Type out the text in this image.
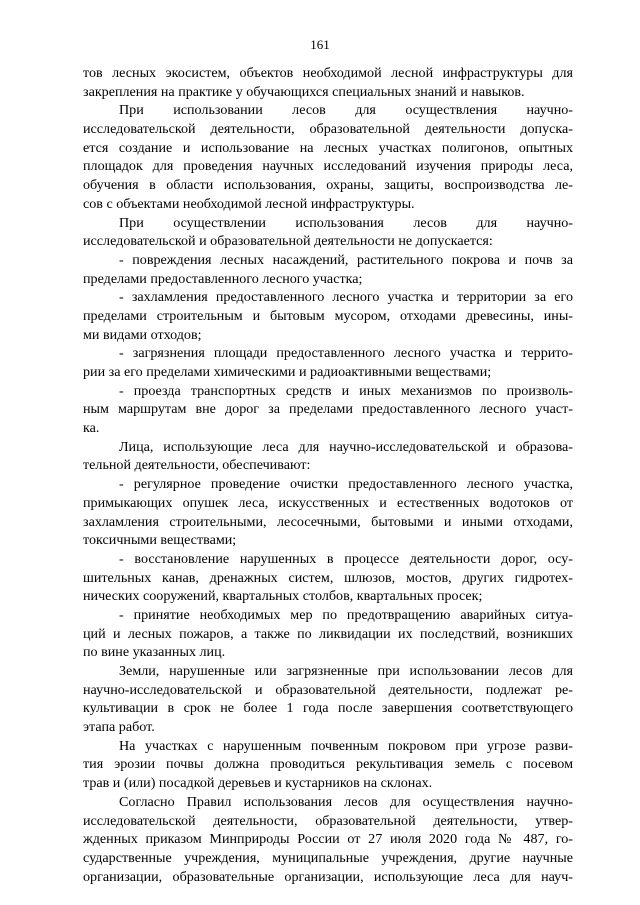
161
тов лесных экосистем, объектов необходимой лесной инфраструктуры для
закрепления на практике у обучающихся специальных знаний и навыков.
При использовании лесов для осуществления научно-
исследовательской деятельности, образовательной деятельности допуска-
ется создание и использование на лесных участках полигонов, опытных
площадок для проведения научных исследований изучения природы леса,
обучения в области использования, охраны, защиты, воспроизводства ле-
сов с объектами необходимой лесной инфраструктуры.
При осуществлении использования лесов для научно-
исследовательской и образовательной деятельности не допускается:
- повреждения лесных насаждений, растительного покрова и почв за
пределами предоставленного лесного участка;
- захламления предоставленного лесного участка и территории за его
пределами строительным и бытовым мусором, отходами древесины, ины-
ми видами отходов;
- загрязнения площади предоставленного лесного участка и террито-
рии за его пределами химическими и радиоактивными веществами;
- проезда транспортных средств и иных механизмов по произволь-
ным маршрутам вне дорог за пределами предоставленного лесного участ-
ка.
Лица, использующие леса для научно-исследовательской и образова-
тельной деятельности, обеспечивают:
- регулярное проведение очистки предоставленного лесного участка,
примыкающих опушек леса, искусственных и естественных водотоков от
захламления строительными, лесосечными, бытовыми и иными отходами,
токсичными веществами;
- восстановление нарушенных в процессе деятельности дорог, осу-
шительных канав, дренажных систем, шлюзов, мостов, других гидротех-
нических сооружений, квартальных столбов, квартальных просек;
- принятие необходимых мер по предотвращению аварийных ситуа-
ций и лесных пожаров, а также по ликвидации их последствий, возникших
по вине указанных лиц.
Земли, нарушенные или загрязненные при использовании лесов для
научно-исследовательской и образовательной деятельности, подлежат ре-
культивации в срок не более 1 года после завершения соответствующего
этапа работ.
На участках с нарушенным почвенным покровом при угрозе разви-
тия эрозии почвы должна проводиться рекультивация земель с посевом
трав и (или) посадкой деревьев и кустарников на склонах.
Согласно Правил использования лесов для осуществления научно-
исследовательской деятельности, образовательной деятельности, утвер-
жденных приказом Минприроды России от 27 июля 2020 года № 487, го-
сударственные учреждения, муниципальные учреждения, другие научные
организации, образовательные организации, использующие леса для науч-
